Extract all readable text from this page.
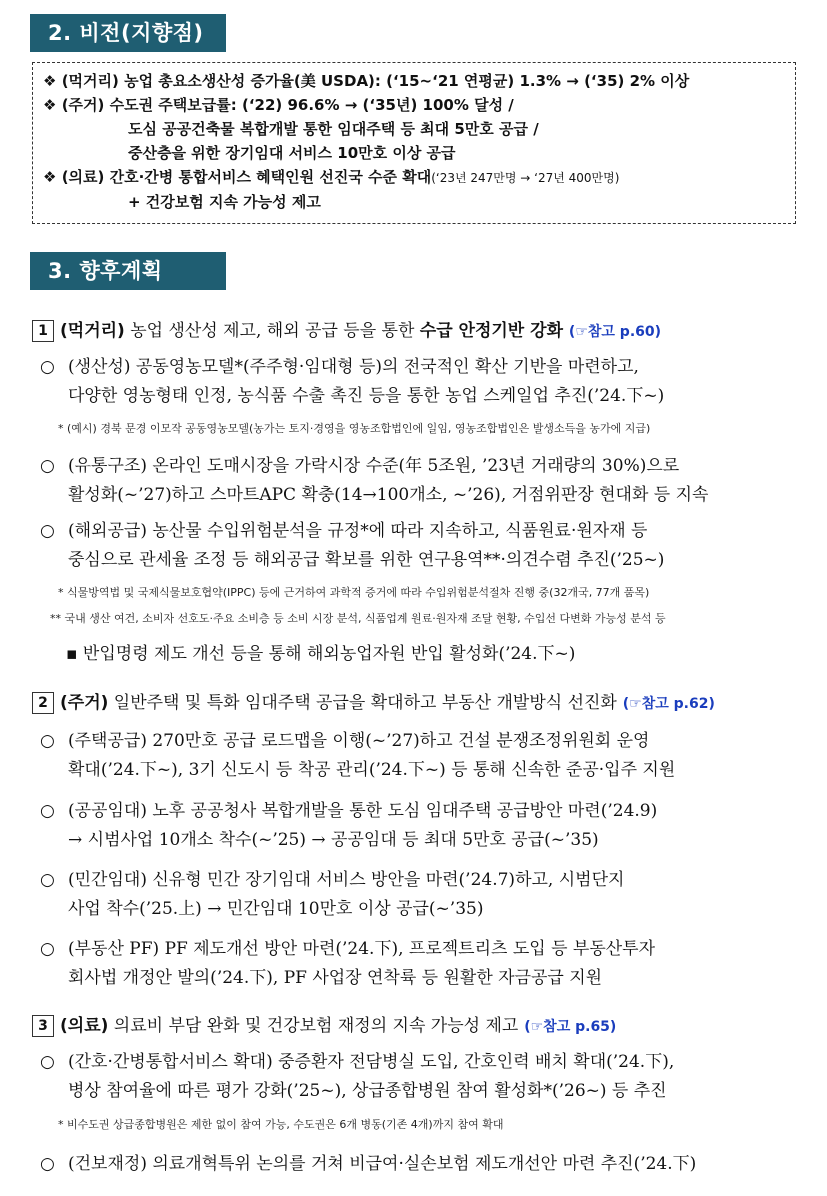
2. 비전(지향점)
❖ (먹거리) 농업 총요소생산성 증가율(美 USDA): (‘15~‘21 연평균) 1.3% → (‘35) 2% 이상
❖ (주거) 수도권 주택보급률: (‘22) 96.6% → (‘35년) 100% 달성 /
도심 공공건축물 복합개발 통한 임대주택 등 최대 5만호 공급 /
중산층을 위한 장기임대 서비스 10만호 이상 공급
❖ (의료) 간호·간병 통합서비스 혜택인원 선진국 수준 확대(‘23년 247만명 → ‘27년 400만명)
+ 건강보험 지속 가능성 제고
3. 향후계획
1 (먹거리) 농업 생산성 제고, 해외 공급 등을 통한 수급 안정기반 강화 (☞참고 p.60)
○ (생산성) 공동영농모델*(주주형·임대형 등)의 전국적인 확산 기반을 마련하고,
다양한 영농형태 인정, 농식품 수출 촉진 등을 통한 농업 스케일업 추진(’24.下~)
* (예시) 경북 문경 이모작 공동영농모델(농가는 토지·경영을 영농조합법인에 일임, 영농조합법인은 발생소득을 농가에 지급)
○ (유통구조) 온라인 도매시장을 가락시장 수준(年 5조원, ’23년 거래량의 30%)으로
활성화(~’27)하고 스마트APC 확충(14→100개소, ~’26), 거점위판장 현대화 등 지속
○ (해외공급) 농산물 수입위험분석을 규정*에 따라 지속하고, 식품원료·원자재 등
중심으로 관세율 조정 등 해외공급 확보를 위한 연구용역**·의견수렴 추진(’25~)
* 식물방역법 및 국제식물보호협약(IPPC) 등에 근거하여 과학적 증거에 따라 수입위험분석절차 진행 중(32개국, 77개 품목)
** 국내 생산 여건, 소비자 선호도·주요 소비층 등 소비 시장 분석, 식품업계 원료·원자재 조달 현황, 수입선 다변화 가능성 분석 등
▪ 반입명령 제도 개선 등을 통해 해외농업자원 반입 활성화(’24.下~)
2 (주거) 일반주택 및 특화 임대주택 공급을 확대하고 부동산 개발방식 선진화 (☞참고 p.62)
○ (주택공급) 270만호 공급 로드맵을 이행(~’27)하고 건설 분쟁조정위원회 운영
확대(’24.下~), 3기 신도시 등 착공 관리(’24.下~) 등 통해 신속한 준공·입주 지원
○ (공공임대) 노후 공공청사 복합개발을 통한 도심 임대주택 공급방안 마련(’24.9)
→ 시범사업 10개소 착수(~’25) → 공공임대 등 최대 5만호 공급(~’35)
○ (민간임대) 신유형 민간 장기임대 서비스 방안을 마련(’24.7)하고, 시범단지
사업 착수(’25.上) → 민간임대 10만호 이상 공급(~’35)
○ (부동산 PF) PF 제도개선 방안 마련(’24.下), 프로젝트리츠 도입 등 부동산투자
회사법 개정안 발의(’24.下), PF 사업장 연착륙 등 원활한 자금공급 지원
3 (의료) 의료비 부담 완화 및 건강보험 재정의 지속 가능성 제고 (☞참고 p.65)
○ (간호·간병통합서비스 확대) 중증환자 전담병실 도입, 간호인력 배치 확대(’24.下),
병상 참여율에 따른 평가 강화(’25~), 상급종합병원 참여 활성화*(’26~) 등 추진
* 비수도권 상급종합병원은 제한 없이 참여 가능, 수도권은 6개 병동(기존 4개)까지 참여 확대
○ (건보재정) 의료개혁특위 논의를 거쳐 비급여·실손보험 제도개선안 마련 추진(’24.下)
